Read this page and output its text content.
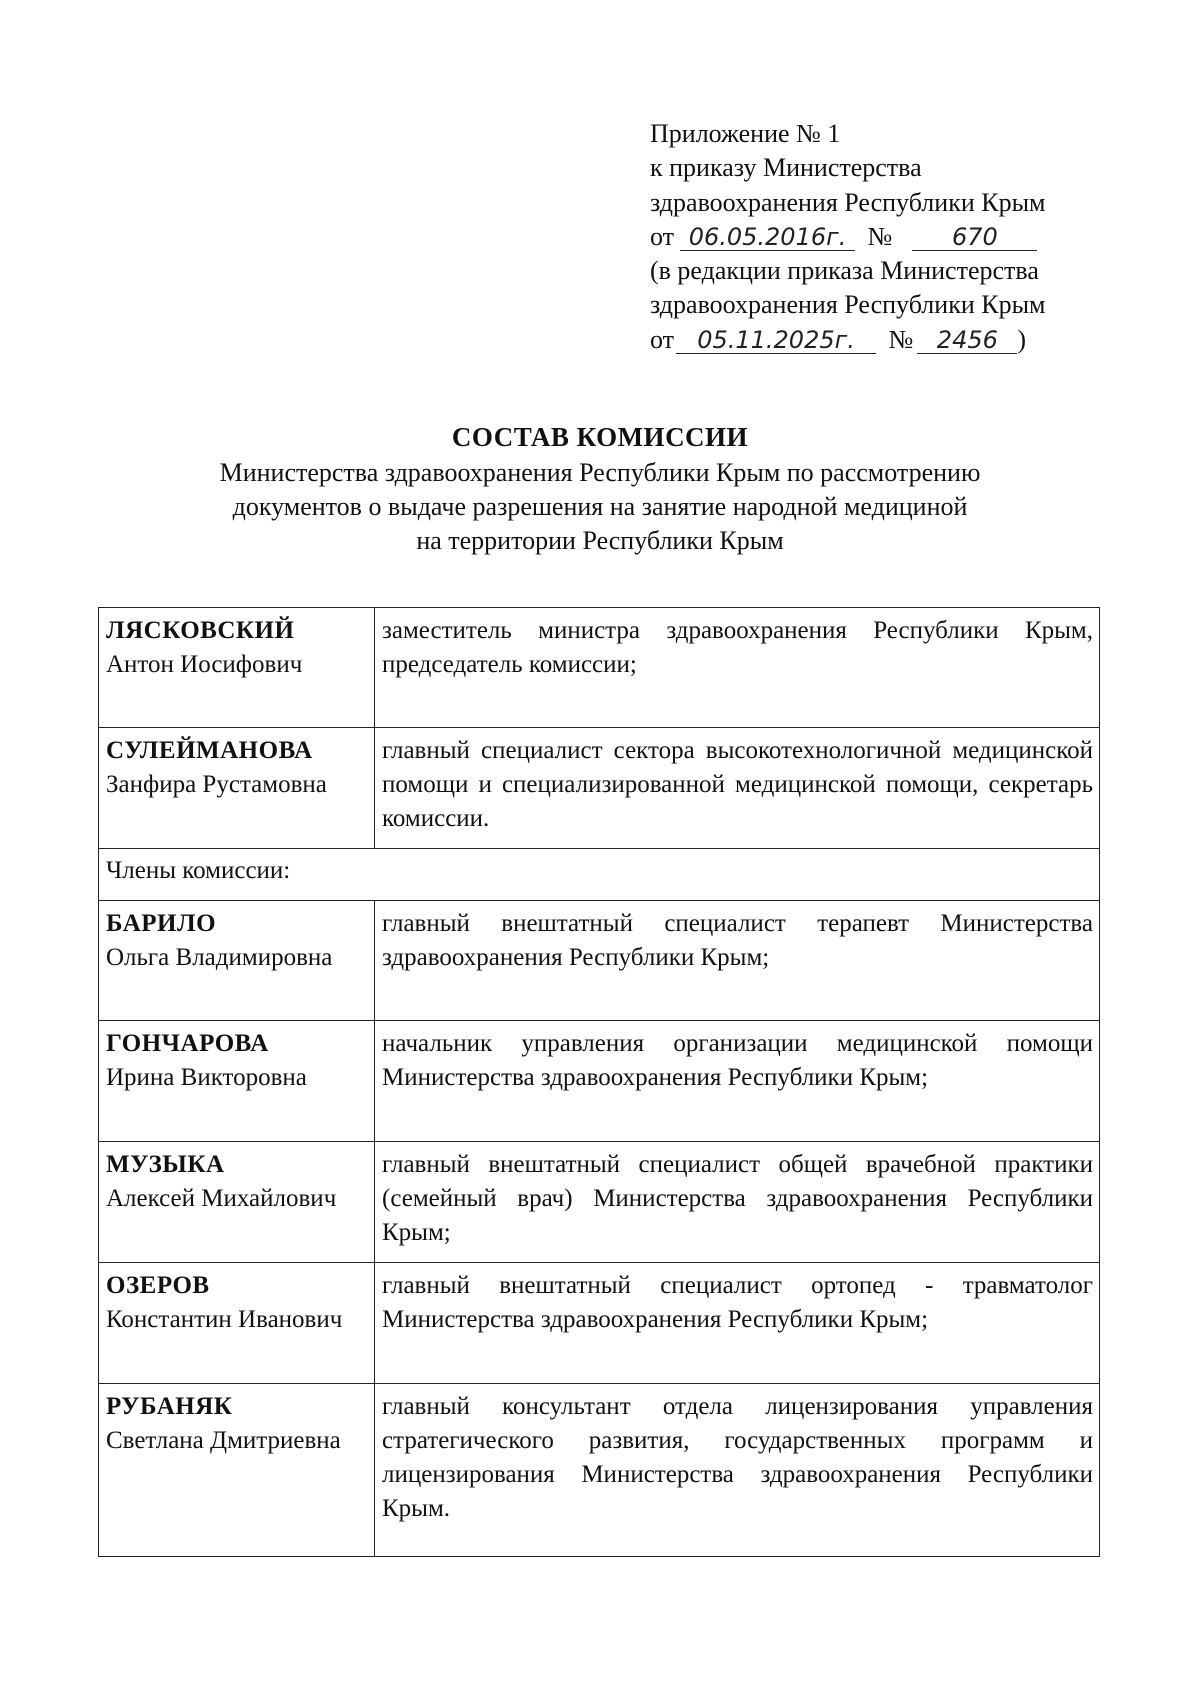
Приложение № 1
к приказу Министерства
здравоохранения Республики Крым
от 06.05.2016г. № 670
(в редакции приказа Министерства
здравоохранения Республики Крым
от 05.11.2025г. № 2456 )
СОСТАВ КОМИССИИ
Министерства здравоохранения Республики Крым по рассмотрению
документов о выдаче разрешения на занятие народной медициной
на территории Республики Крым
ЛЯСКОВСКИЙ
Антон Иосифович	заместитель министра здравоохранения Республики Крым, председатель комиссии;

СУЛЕЙМАНОВА
Занфира Рустамовна	главный специалист сектора высокотехнологичной медицинской помощи и специализированной медицинской помощи, секретарь комиссии.
Члены комиссии:	

БАРИЛО
Ольга Владимировна	главный внештатный специалист терапевт Министерства здравоохранения Республики Крым;

ГОНЧАРОВА
Ирина Викторовна	начальник управления организации медицинской помощи Министерства здравоохранения Республики Крым;

МУЗЫКА
Алексей Михайлович	главный внештатный специалист общей врачебной практики (семейный врач) Министерства здравоохранения Республики Крым;

ОЗЕРОВ
Константин Иванович	главный внештатный специалист ортопед - травматолог Министерства здравоохранения Республики Крым;

РУБАНЯК
Светлана Дмитриевна	главный консультант отдела лицензирования управления стратегического развития, государственных программ и лицензирования Министерства здравоохранения Республики Крым.
